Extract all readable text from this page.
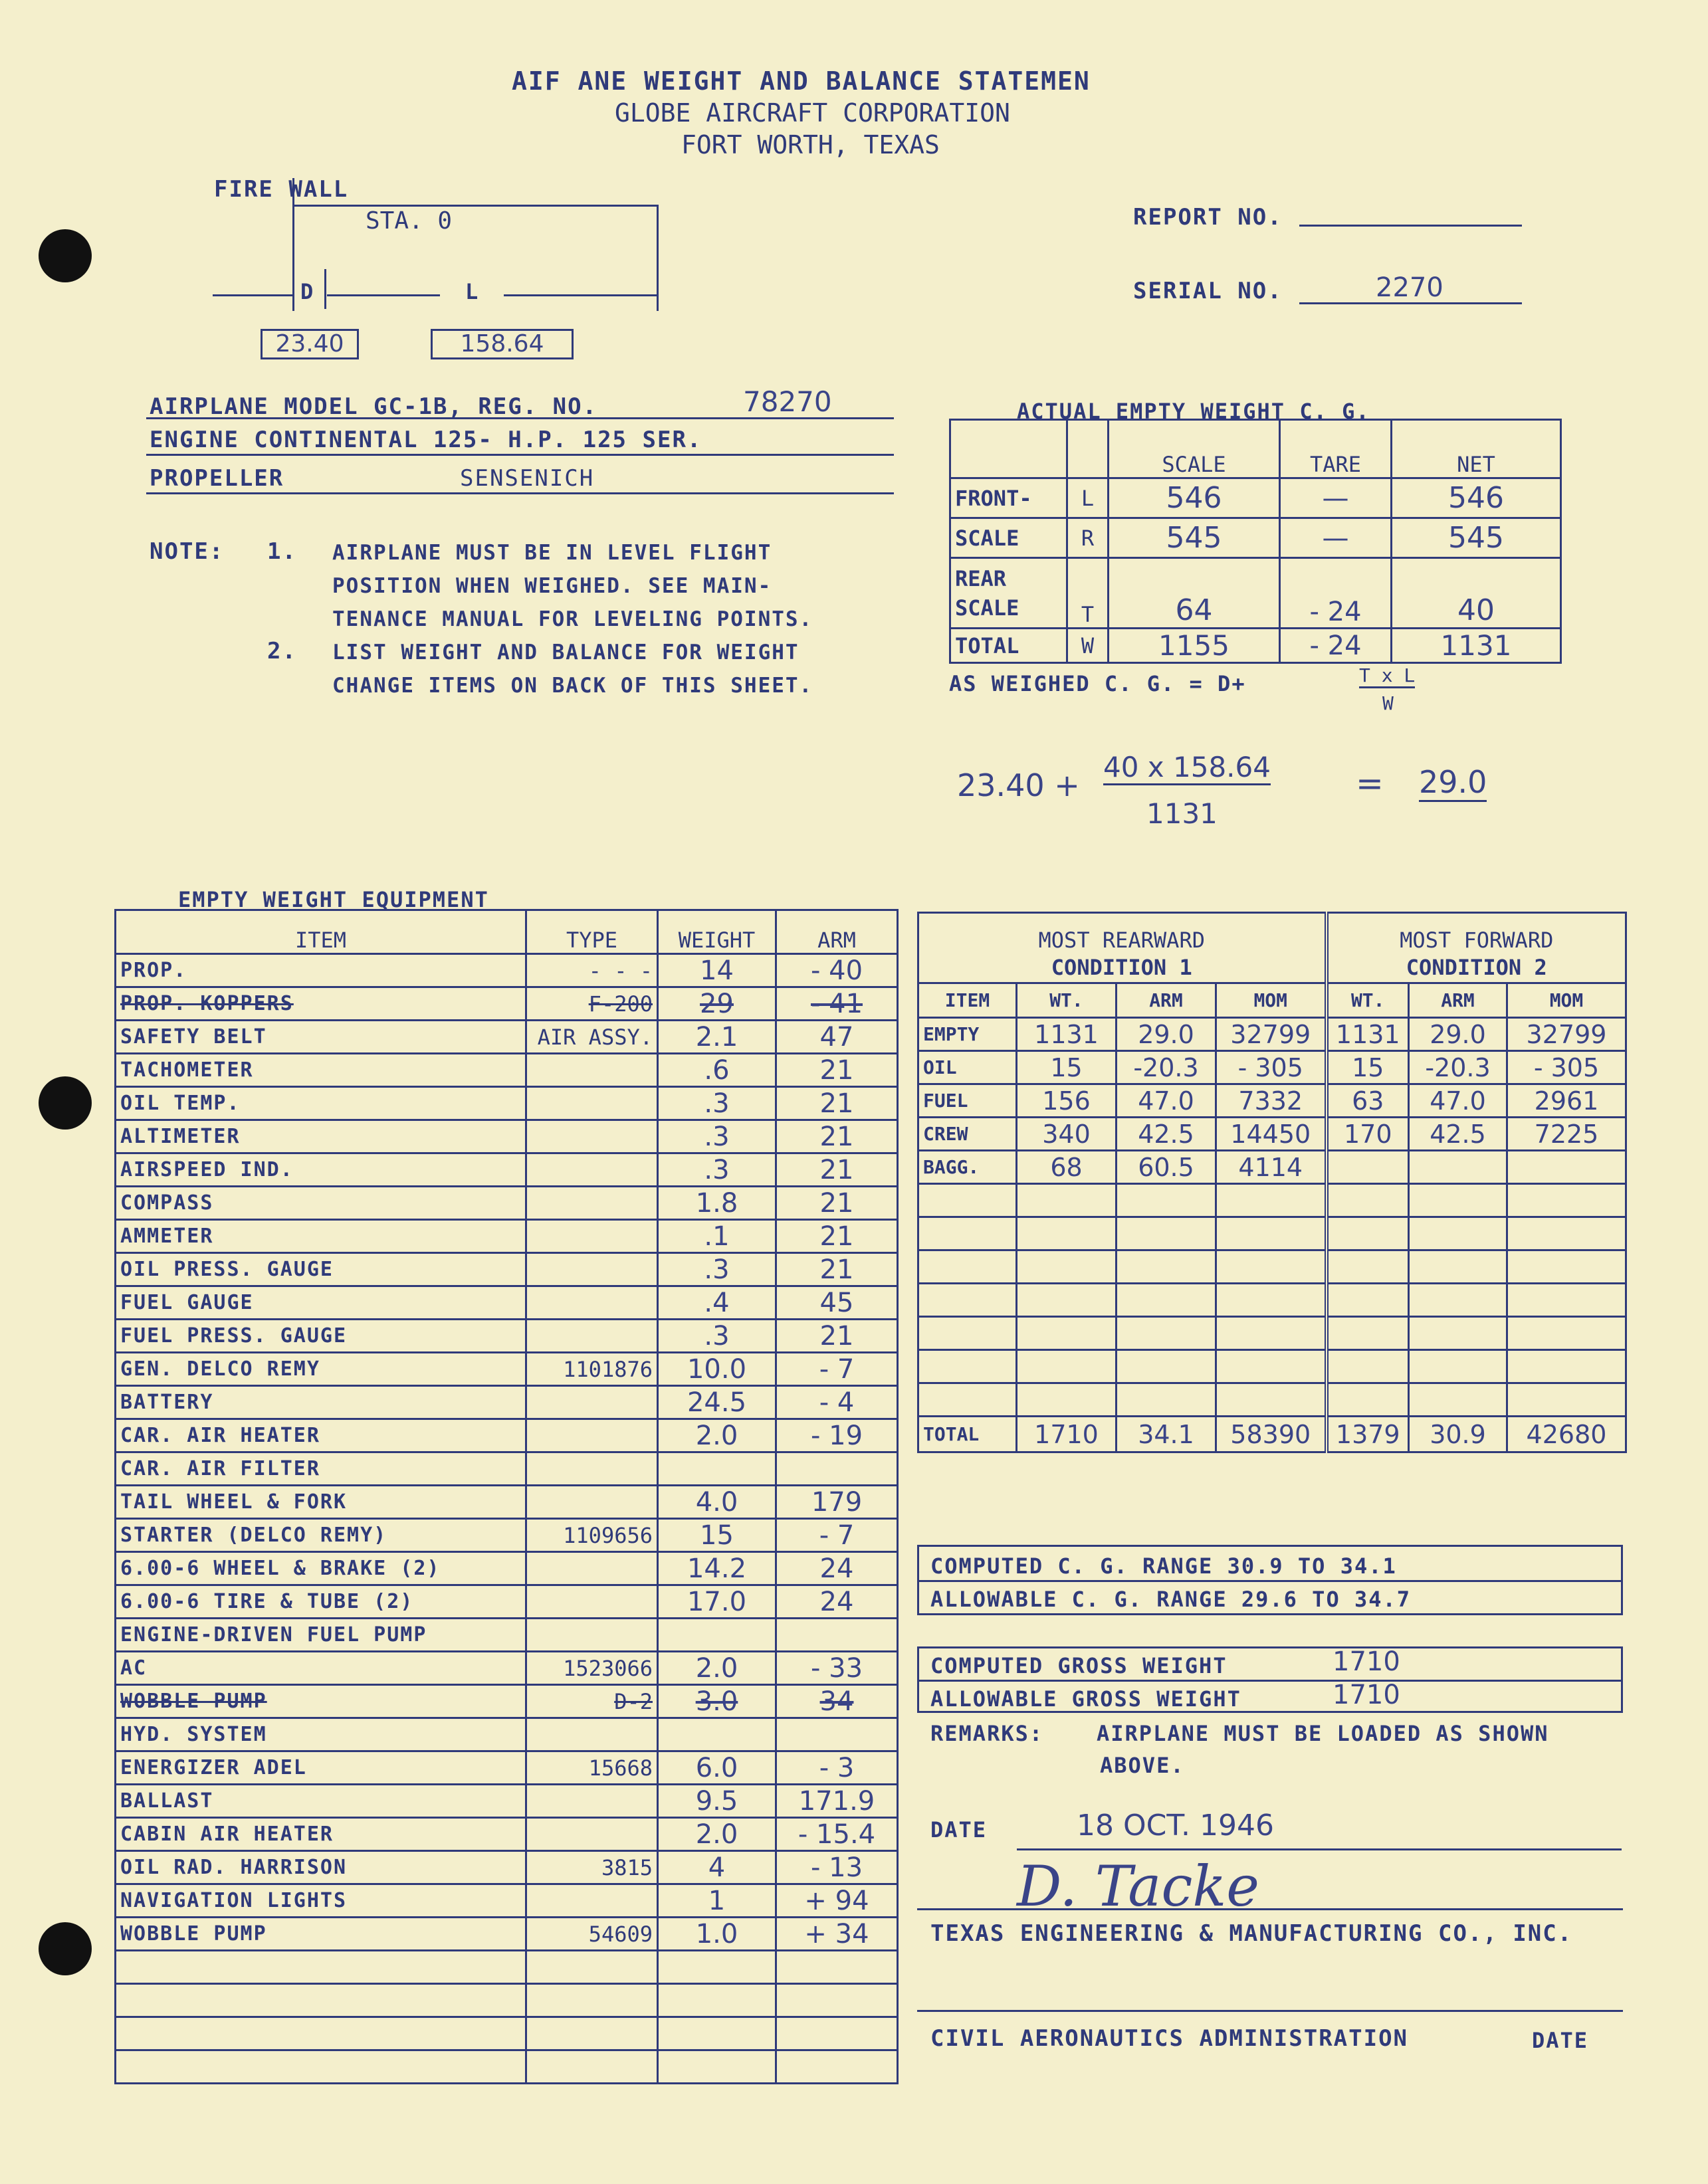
AIF ANE WEIGHT AND BALANCE STATEMEN
GLOBE AIRCRAFT CORPORATION
FORT WORTH, TEXAS
FIRE WALL
STA. 0
D	L
23.40	158.64
REPORT NO.
SERIAL NO.	2270
AIRPLANE MODEL GC-1B, REG. NO.	78270
ENGINE CONTINENTAL 125- H.P. 125 SER.
PROPELLER	SENSENICH
NOTE: 1. AIRPLANE MUST BE IN LEVEL FLIGHT
POSITION WHEN WEIGHED. SEE MAIN-
TENANCE MANUAL FOR LEVELING POINTS.
2. LIST WEIGHT AND BALANCE FOR WEIGHT
CHANGE ITEMS ON BACK OF THIS SHEET.
ACTUAL EMPTY WEIGHT C. G.
		SCALE	TARE	NET
FRONT-	L	546	—	546
SCALE	R	545	—	545
REAR
SCALE	T	64	- 24	40
TOTAL	W	1155	- 24	1131
AS WEIGHED C. G. = D+	T x L
W
23.40 +
40 x 158.64
1131
= 29.0
EMPTY WEIGHT EQUIPMENT
ITEM	TYPE	WEIGHT	ARM
PROP.	- - -	14	- 40
PROP. KOPPERS	F-200	29	- 41
SAFETY BELT	AIR ASSY.	2.1	47
TACHOMETER		.6	21
OIL TEMP.		.3	21
ALTIMETER		.3	21
AIRSPEED IND.		.3	21
COMPASS		1.8	21
AMMETER		.1	21
OIL PRESS. GAUGE		.3	21
FUEL GAUGE		.4	45
FUEL PRESS. GAUGE		.3	21
GEN. DELCO REMY	1101876	10.0	- 7
BATTERY		24.5	- 4
CAR. AIR HEATER		2.0	- 19
CAR. AIR FILTER			
TAIL WHEEL & FORK		4.0	179
STARTER (DELCO REMY)	1109656	15	- 7
6.00-6 WHEEL & BRAKE (2)		14.2	24
6.00-6 TIRE & TUBE (2)		17.0	24
ENGINE-DRIVEN FUEL PUMP			
AC	1523066	2.0	- 33
WOBBLE PUMP	D-2	3.0	34
HYD. SYSTEM			
ENERGIZER ADEL	15668	6.0	- 3
BALLAST		9.5	171.9
CABIN AIR HEATER		2.0	- 15.4
OIL RAD. HARRISON	3815	4	- 13
NAVIGATION LIGHTS		1	+ 94
WOBBLE PUMP	54609	1.0	+ 34

MOST REARWARD				MOST FORWARD		
CONDITION 1				CONDITION 2		
ITEM	WT.	ARM	MOM	WT.	ARM	MOM
EMPTY	1131	29.0	32799	1131	29.0	32799
OIL	15	-20.3	- 305	15	-20.3	- 305
FUEL	156	47.0	7332	63	47.0	2961
CREW	340	42.5	14450	170	42.5	7225
BAGG.	68	60.5	4114			

TOTAL	1710	34.1	58390	1379	30.9	42680
COMPUTED C. G. RANGE 30.9 TO 34.1
ALLOWABLE C. G. RANGE 29.6 TO 34.7
COMPUTED GROSS WEIGHT	1710
ALLOWABLE GROSS WEIGHT	1710
REMARKS: AIRPLANE MUST BE LOADED AS SHOWN
ABOVE.
DATE	18 OCT. 1946
D. Tacke
TEXAS ENGINEERING & MANUFACTURING CO., INC.
CIVIL AERONAUTICS ADMINISTRATION	DATE
